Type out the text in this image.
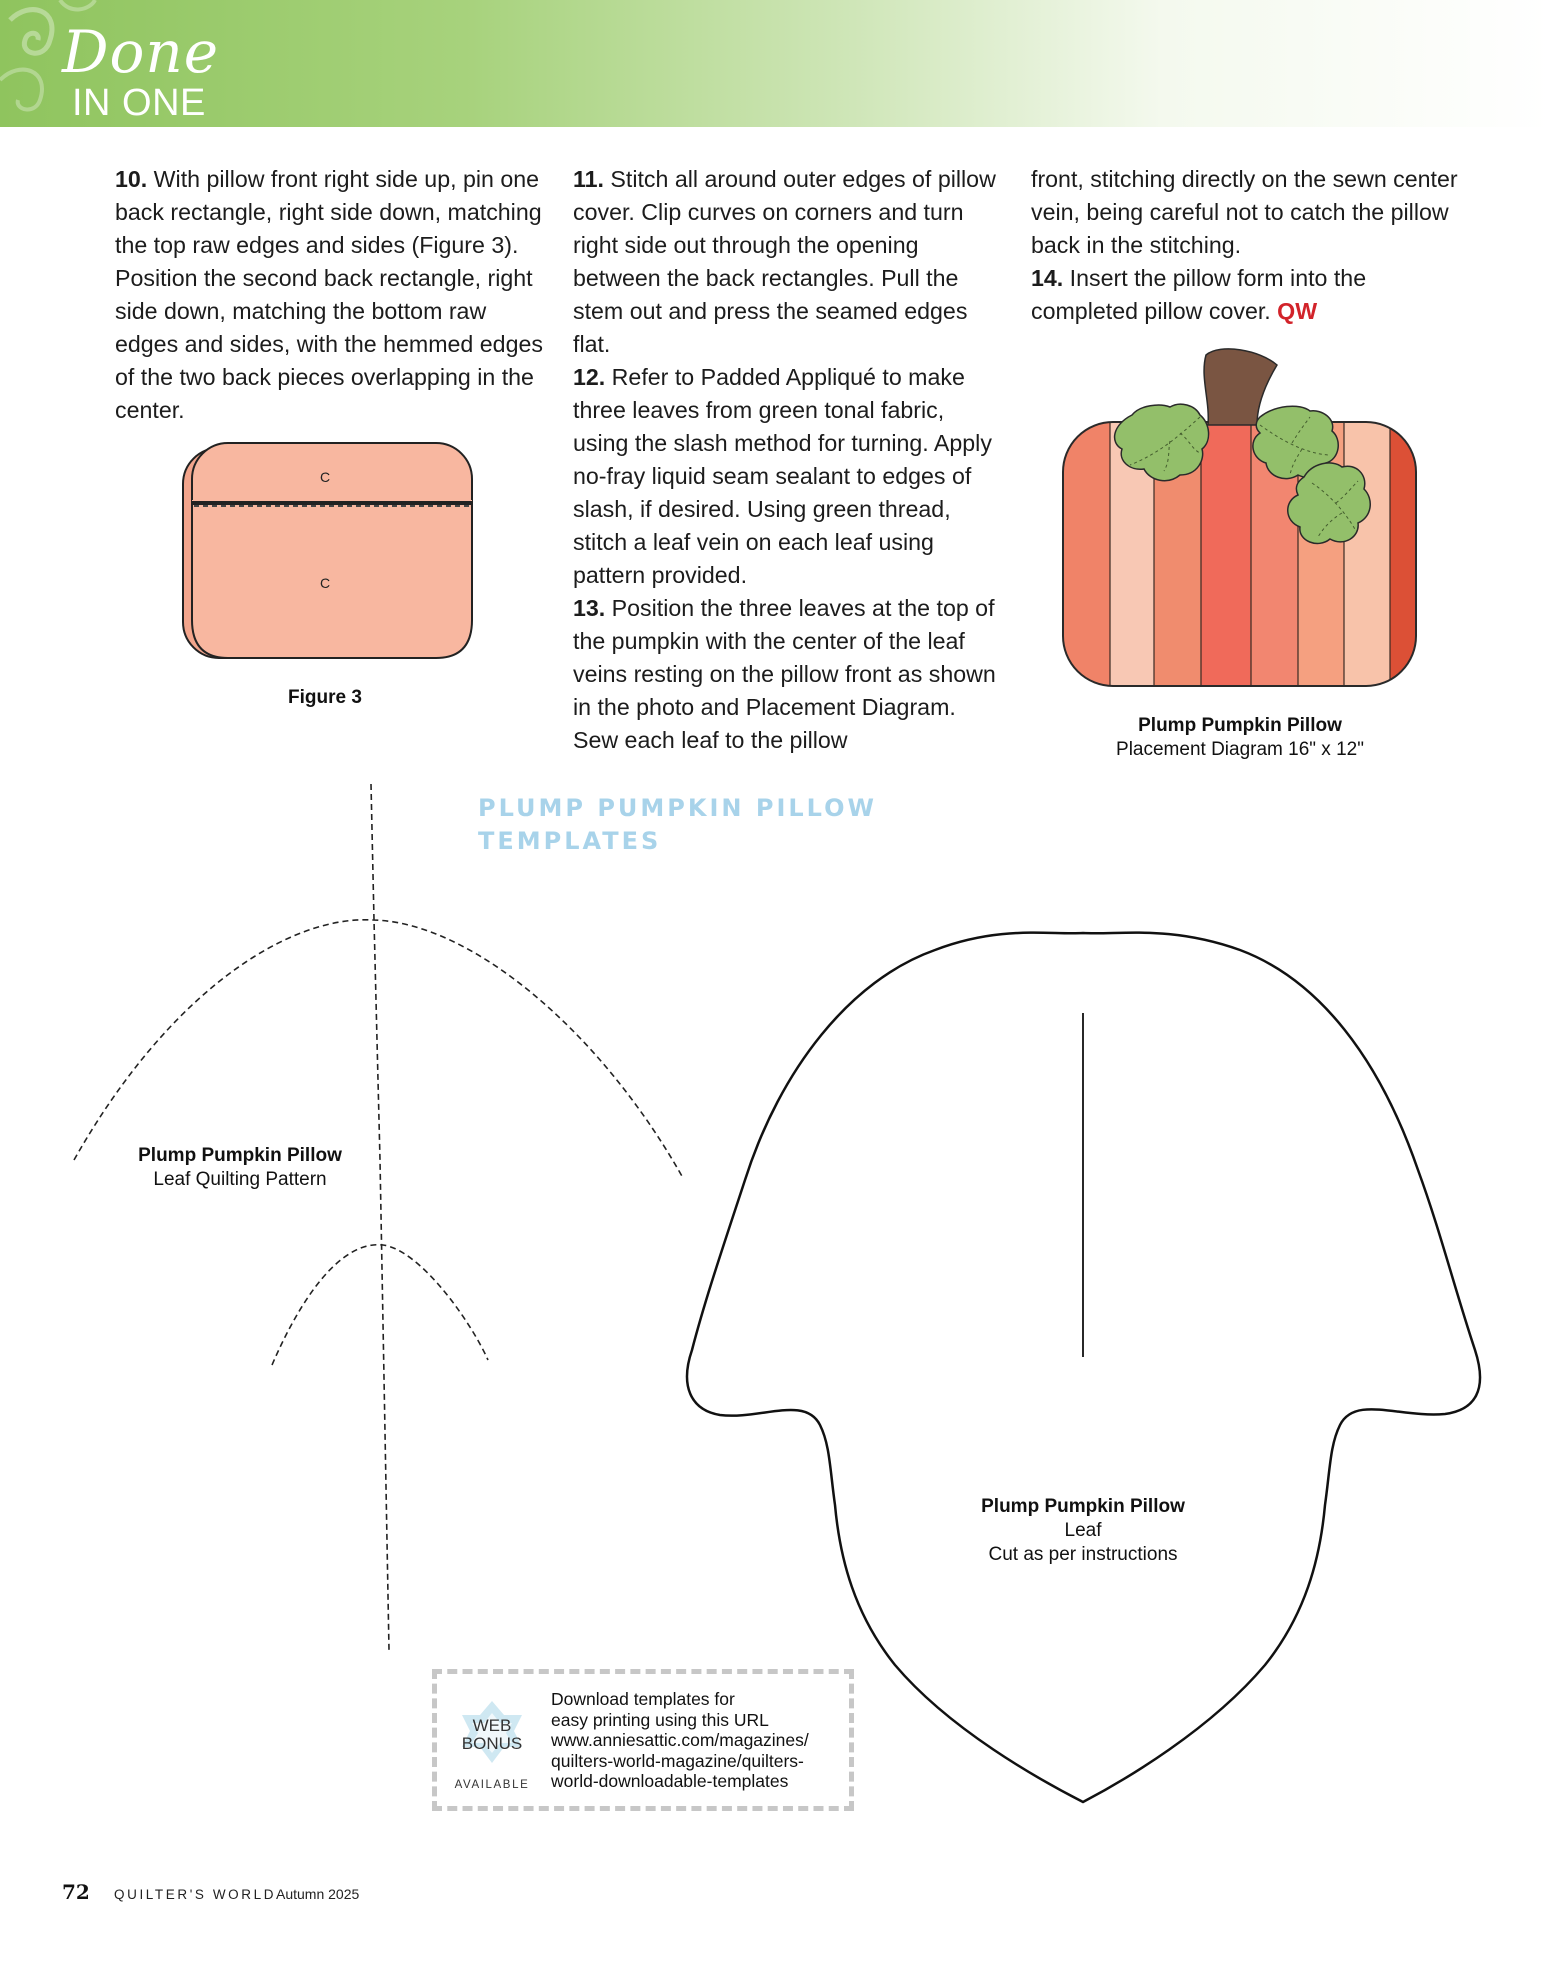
Done
IN ONE

10. With pillow front right side up, pin one back rectangle, right side down, matching the top raw edges and sides (Figure 3). Position the second back rectangle, right side down, matching the bottom raw edges and sides, with the hemmed edges of the two back pieces overlapping in the center.

11. Stitch all around outer edges of pillow cover. Clip curves on corners and turn right side out through the opening between the back rectangles. Pull the stem out and press the seamed edges flat.

12. Refer to Padded Appliqué to make three leaves from green tonal fabric, using the slash method for turning. Apply no-fray liquid seam sealant to edges of slash, if desired. Using green thread, stitch a leaf vein on each leaf using pattern provided.

13. Position the three leaves at the top of the pumpkin with the center of the leaf veins resting on the pillow front as shown in the photo and Placement Diagram. Sew each leaf to the pillow

front, stitching directly on the sewn center vein, being careful not to catch the pillow back in the stitching.

14. Insert the pillow form into the completed pillow cover. QW

C
C
Figure 3
Plump Pumpkin Pillow
Placement Diagram 16" x 12"
PLUMP PUMPKIN PILLOW
TEMPLATES
Plump Pumpkin Pillow
Leaf Quilting Pattern
Plump Pumpkin Pillow
Leaf
Cut as per instructions
WEB
BONUS
AVAILABLE
Download templates for
easy printing using this URL
www.anniesattic.com/magazines/
quilters-world-magazine/quilters-
world-downloadable-templates
72 QUILTER'S WORLD Autumn 2025
